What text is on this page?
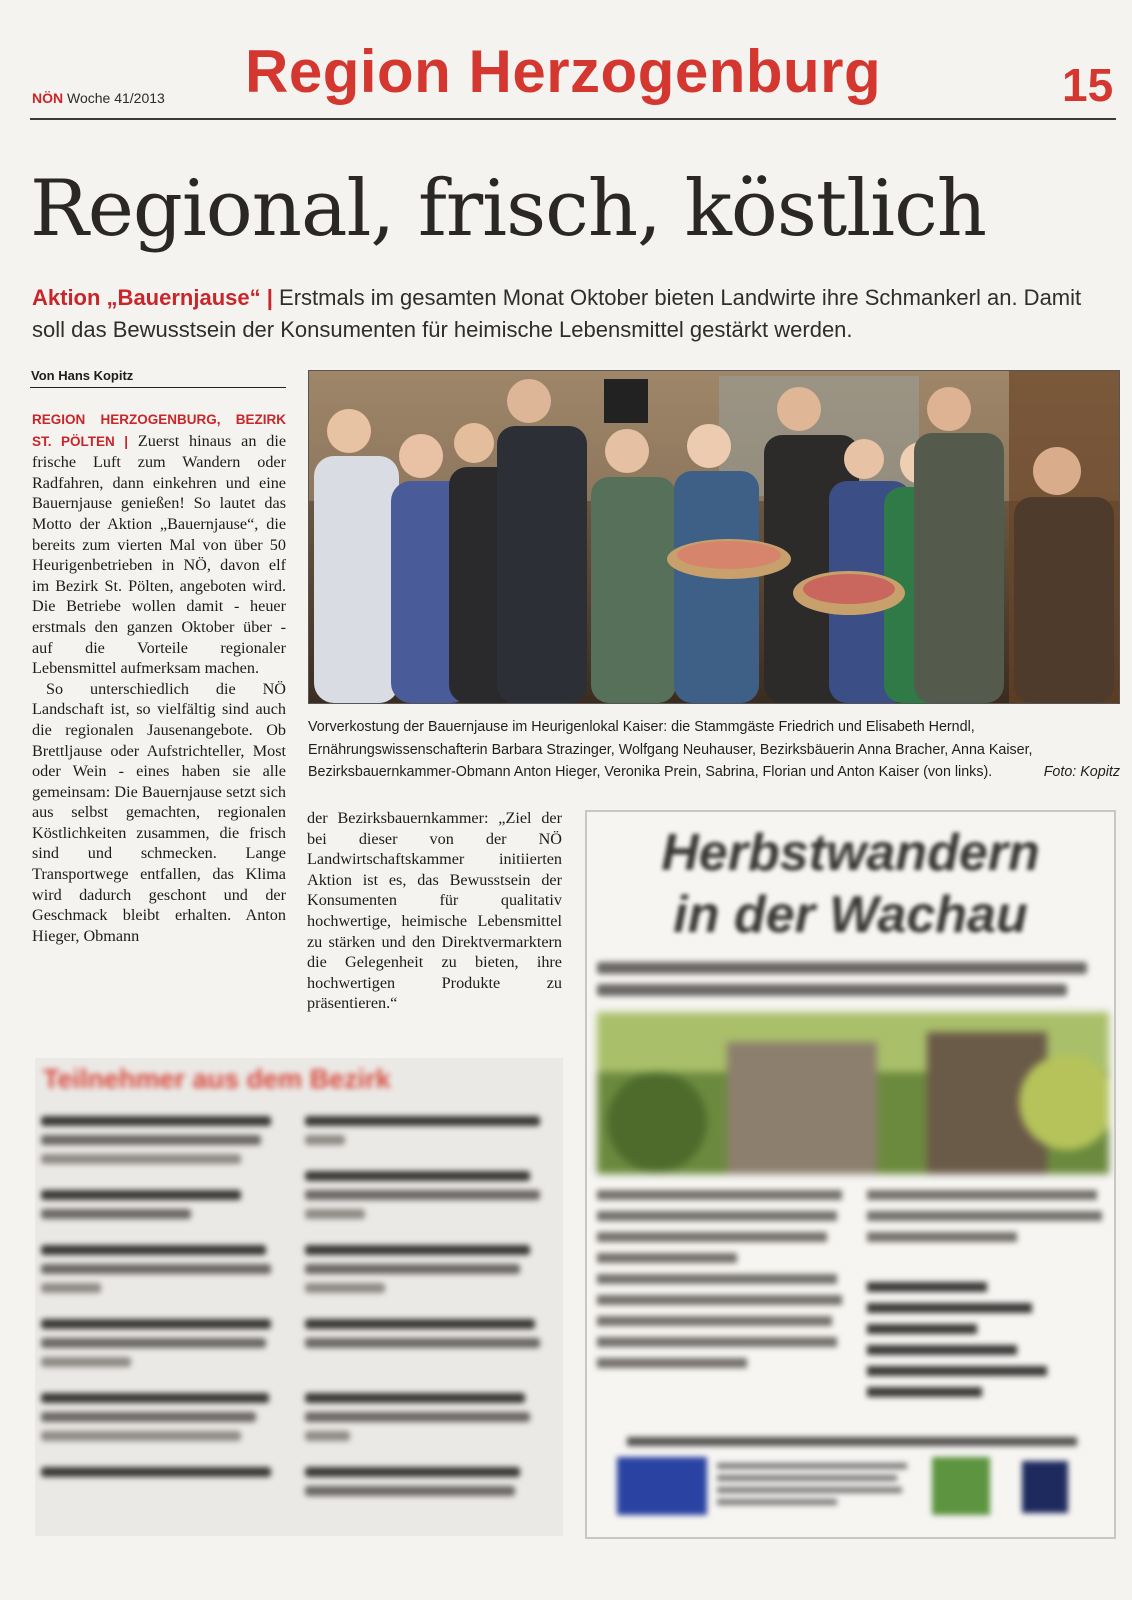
NÖN Woche 41/2013 Region Herzogenburg	15
Regional, frisch, köstlich
Aktion „Bauernjause“ | Erstmals im gesamten Monat Oktober bieten Landwirte ihre Schmankerl an. Damit soll das Bewusstsein der Konsumenten für heimische Lebensmittel gestärkt werden.
Von Hans Kopitz

REGION HERZOGENBURG, BEZIRK ST. PÖLTEN | Zuerst hinaus an die frische Luft zum Wandern oder Radfahren, dann einkehren und eine Bauernjause genießen! So lautet das Motto der Aktion „Bauernjause“, die bereits zum vierten Mal von über 50 Heurigenbetrieben in NÖ, davon elf im Bezirk St. Pölten, angeboten wird. Die Betriebe wollen damit - heuer erstmals den ganzen Oktober über - auf die Vorteile regionaler Lebensmittel aufmerksam machen.

So unterschiedlich die NÖ Landschaft ist, so vielfältig sind auch die regionalen Jausenangebote. Ob Brettljause oder Aufstrichteller, Most oder Wein - eines haben sie alle gemeinsam: Die Bauernjause setzt sich aus selbst gemachten, regionalen Köstlichkeiten zusammen, die frisch sind und schmecken. Lange Transportwege entfallen, das Klima wird dadurch geschont und der Geschmack bleibt erhalten. Anton Hieger, Obmann

Vorverkostung der Bauernjause im Heurigenlokal Kaiser: die Stammgäste Friedrich und Elisabeth Herndl, Ernährungswissenschafterin Barbara Strazinger, Wolfgang Neuhauser, Bezirksbäuerin Anna Bracher, Anna Kaiser, Bezirksbauernkammer-Obmann Anton Hieger, Veronika Prein, Sabrina, Florian und Anton Kaiser (von links).	Foto: Kopitz
der Bezirksbauernkammer: „Ziel der bei dieser von der NÖ Landwirtschaftskammer initiierten Aktion ist es, das Bewusstsein der Konsumenten für qualitativ hochwertige, heimische Lebensmittel zu stärken und den Direktvermarktern die Gelegenheit zu bieten, ihre hochwertigen Produkte zu präsentieren.“
Teilnehmer aus dem Bezirk
Herbstwandern
in der Wachau
